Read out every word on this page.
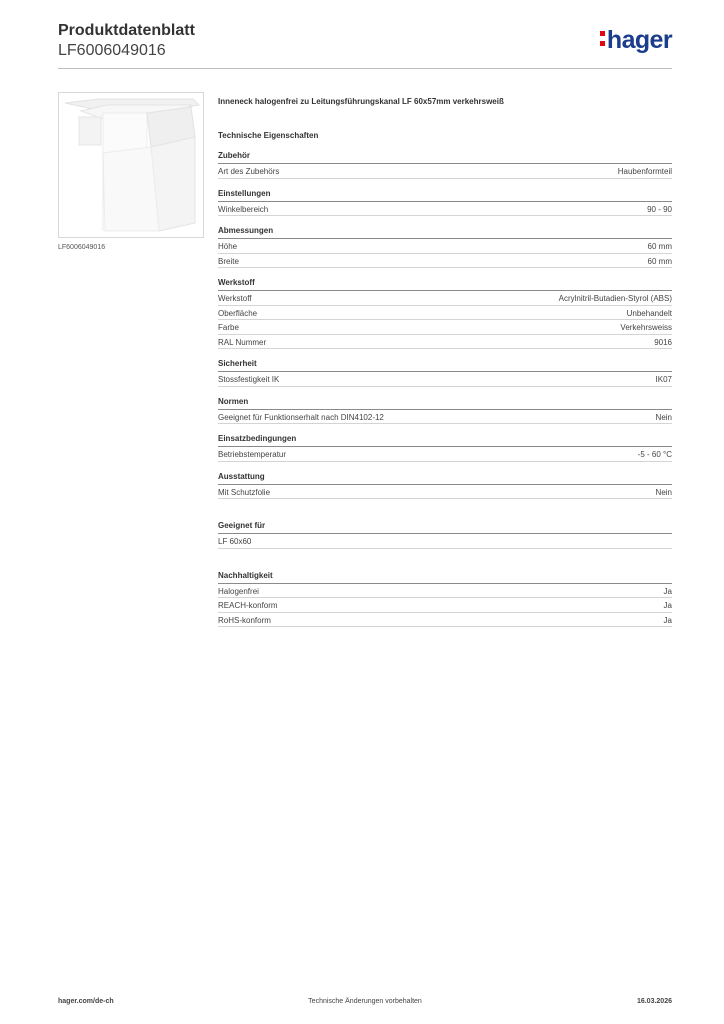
Produktdatenblatt
LF6006049016	hager
LF6006049016
Inneneck halogenfrei zu Leitungsführungskanal LF 60x57mm verkehrsweiß
Technische Eigenschaften
Zubehör
Art des Zubehörs	Haubenformteil
Einstellungen
Winkelbereich	90 - 90
Abmessungen
Höhe	60 mm
Breite	60 mm
Werkstoff
Werkstoff	Acrylnitril-Butadien-Styrol (ABS)
Oberfläche	Unbehandelt
Farbe	Verkehrsweiss
RAL Nummer	9016
Sicherheit
Stossfestigkeit IK	IK07
Normen
Geeignet für Funktionserhalt nach DIN4102-12	Nein
Einsatzbedingungen
Betriebstemperatur	-5 - 60 °C
Ausstattung
Mit Schutzfolie	Nein
Geeignet für
LF 60x60
Nachhaltigkeit
Halogenfrei	Ja
REACH-konform	Ja
RoHS-konform	Ja
hager.com/de-ch	Technische Änderungen vorbehalten	16.03.2026
